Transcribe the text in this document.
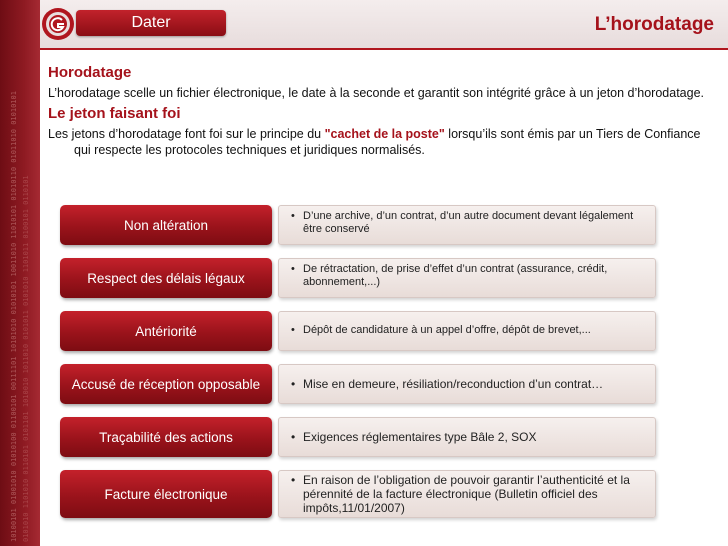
10100101 01001010 01010100 01100101 00111101 10101010 01010101 10011010 11010101 01010110 01011010 01010101 0101010 1101010 0110101 0101101 1010010 1011010 0101011 0101010 1101011 0100101 0110101
Dater	L’horodatage
Horodatage

L’horodatage scelle un fichier électronique, le date à la seconde et garantit son intégrité grâce à un jeton d’horodatage.

Le jeton faisant foi

Les jetons d’horodatage font foi sur le principe du "cachet de la poste" lorsqu’ils sont émis par un Tiers de Confiance qui respecte les protocoles techniques et juridiques normalisés.

Non altération
• D’une archive, d’un contrat, d’un autre document devant légalement être conservé
Respect des délais légaux
• De rétractation, de prise d’effet d’un contrat (assurance, crédit, abonnement,...)
Antériorité	• Dépôt de candidature à un appel d’offre, dépôt de brevet,...
Accusé de réception opposable	• Mise en demeure, résiliation/reconduction d’un contrat…
Traçabilité des actions	• Exigences réglementaires type Bâle 2, SOX
Facture électronique
• En raison de l’obligation de pouvoir garantir l’authenticité et la pérennité de la facture électronique (Bulletin officiel des impôts,11/01/2007)
